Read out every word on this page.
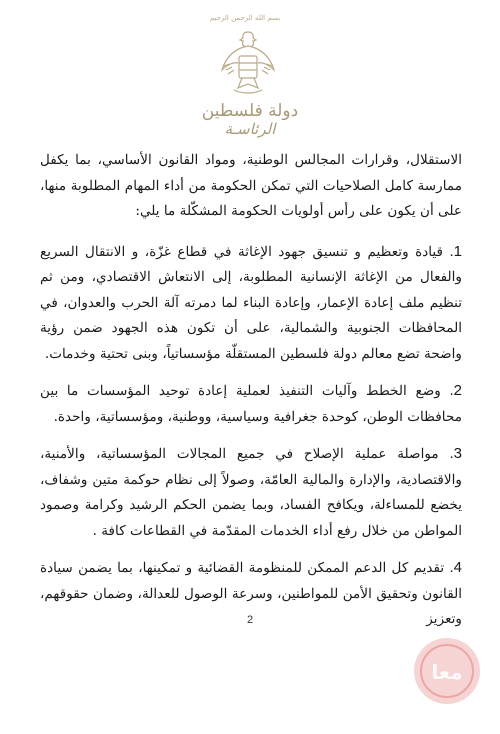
بسم الله الرحمن الرحيم
دولة فلسطين
الرئاسـة

الاستقلال، وقرارات المجالس الوطنية، ومواد القانون الأساسي، بما يكفل ممارسة كامل الصلاحيات التي تمكن الحكومة من أداء المهام المطلوبة منها، على أن يكون على رأس أولويات الحكومة المشكّلة ما يلي:

1. قيادة وتعظيم و تنسيق جهود الإغاثة في قطاع غزّة، و الانتقال السريع والفعال من الإغاثة الإنسانية المطلوبة، إلى الانتعاش الاقتصادي، ومن ثم تنظيم ملف إعادة الإعمار، وإعادة البناء لما دمرته آلة الحرب والعدوان، في المحافظات الجنوبية والشمالية، على أن تكون هذه الجهود ضمن رؤية واضحة تضع معالم دولة فلسطين المستقلّة مؤسساتياً، وبنى تحتية وخدمات.

2. وضع الخطط وآليات التنفيذ لعملية إعادة توحيد المؤسسات ما بين محافظات الوطن، كوحدة جغرافية وسياسية، ووطنية، ومؤسساتية، واحدة.

3. مواصلة عملية الإصلاح في جميع المجالات المؤسساتية، والأمنية، والاقتصادية، والإدارة والمالية العامّة، وصولاً إلى نظام حوكمة متين وشفاف، يخضع للمساءلة، ويكافح الفساد، وبما يضمن الحكم الرشيد وكرامة وصمود المواطن من خلال رفع أداء الخدمات المقدّمة في القطاعات كافة .

4. تقديم كل الدعم الممكن للمنظومة القضائية و تمكينها، بما يضمن سيادة القانون وتحقيق الأمن للمواطنين، وسرعة الوصول للعدالة، وضمان حقوقهم، وتعزيز

2
معا
